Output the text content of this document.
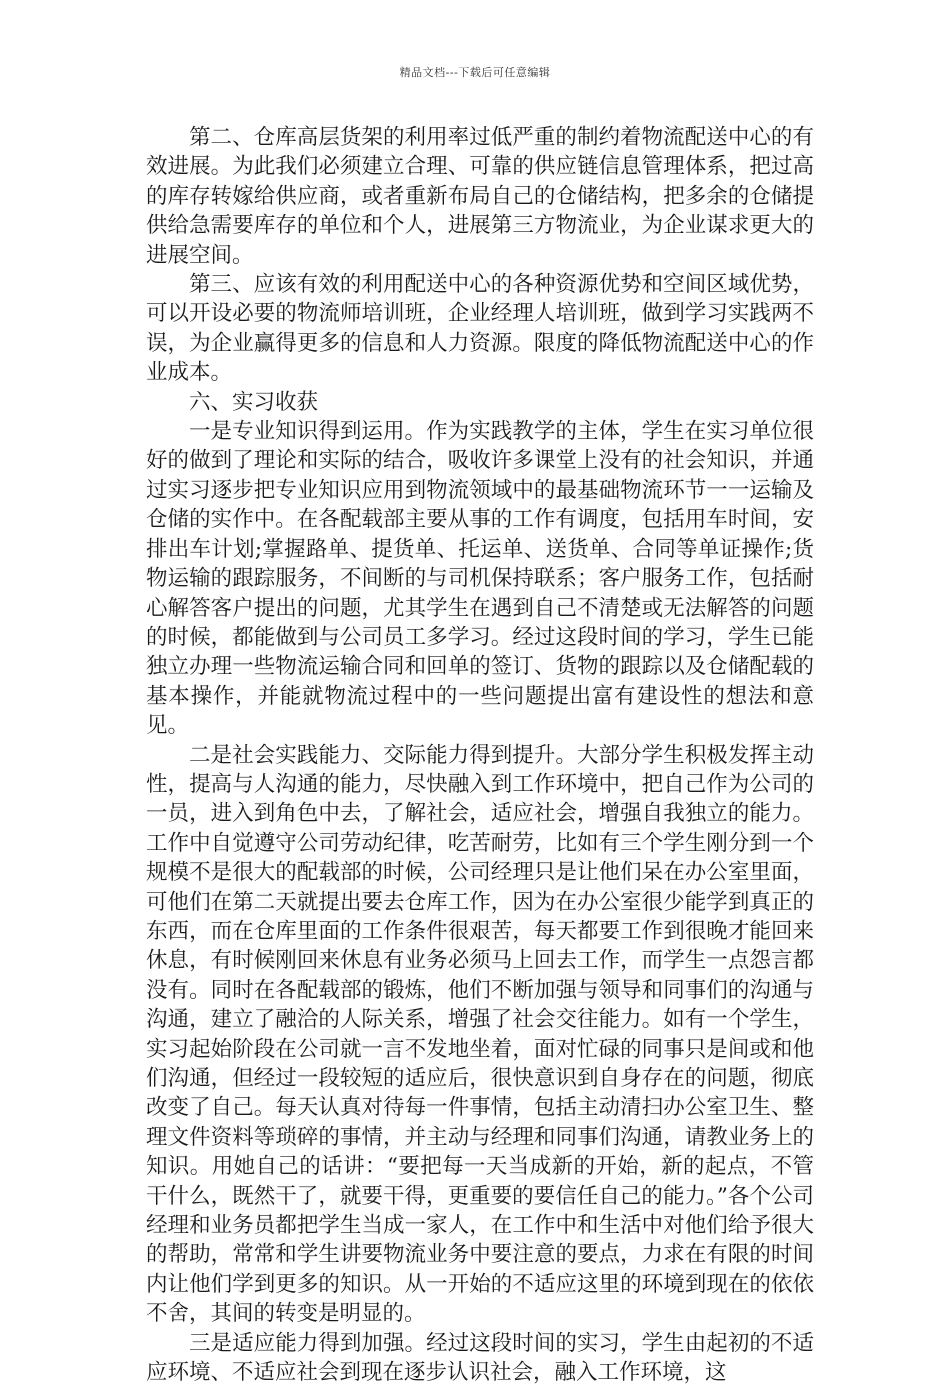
精品文档---下载后可任意编辑

第二、仓库高层货架的利用率过低严重的制约着物流配送中心的有效进展。为此我们必须建立合理、可靠的供应链信息管理体系，把过高的库存转嫁给供应商，或者重新布局自己的仓储结构，把多余的仓储提供给急需要库存的单位和个人，进展第三方物流业，为企业谋求更大的进展空间。

第三、应该有效的利用配送中心的各种资源优势和空间区域优势，可以开设必要的物流师培训班，企业经理人培训班，做到学习实践两不误，为企业赢得更多的信息和人力资源。限度的降低物流配送中心的作业成本。

六、实习收获

一是专业知识得到运用。作为实践教学的主体，学生在实习单位很好的做到了理论和实际的结合，吸收许多课堂上没有的社会知识，并通过实习逐步把专业知识应用到物流领域中的最基础物流环节一一运输及仓储的实作中。在各配载部主要从事的工作有调度，包括用车时间，安排出车计划;掌握路单、提货单、托运单、送货单、合同等单证操作;货物运输的跟踪服务，不间断的与司机保持联系；客户服务工作，包括耐心解答客户提出的问题，尤其学生在遇到自己不清楚或无法解答的问题的时候，都能做到与公司员工多学习。经过这段时间的学习，学生已能独立办理一些物流运输合同和回单的签订、货物的跟踪以及仓储配载的基本操作，并能就物流过程中的一些问题提出富有建设性的想法和意见。

二是社会实践能力、交际能力得到提升。大部分学生积极发挥主动性，提高与人沟通的能力，尽快融入到工作环境中，把自己作为公司的一员，进入到角色中去，了解社会，适应社会，增强自我独立的能力。工作中自觉遵守公司劳动纪律，吃苦耐劳，比如有三个学生刚分到一个规模不是很大的配载部的时候，公司经理只是让他们呆在办公室里面，可他们在第二天就提出要去仓库工作，因为在办公室很少能学到真正的东西，而在仓库里面的工作条件很艰苦，每天都要工作到很晚才能回来休息，有时候刚回来休息有业务必须马上回去工作，而学生一点怨言都没有。同时在各配载部的锻炼，他们不断加强与领导和同事们的沟通与沟通，建立了融洽的人际关系，增强了社会交往能力。如有一个学生，实习起始阶段在公司就一言不发地坐着，面对忙碌的同事只是间或和他们沟通，但经过一段较短的适应后，很快意识到自身存在的问题，彻底改变了自己。每天认真对待每一件事情，包括主动清扫办公室卫生、整理文件资料等琐碎的事情，并主动与经理和同事们沟通，请教业务上的知识。用她自己的话讲：“要把每一天当成新的开始，新的起点，不管干什么，既然干了，就要干得，更重要的要信任自己的能力。”各个公司经理和业务员都把学生当成一家人，在工作中和生活中对他们给予很大的帮助，常常和学生讲要物流业务中要注意的要点，力求在有限的时间内让他们学到更多的知识。从一开始的不适应这里的环境到现在的依依不舍，其间的转变是明显的。

三是适应能力得到加强。经过这段时间的实习，学生由起初的不适应环境、不适应社会到现在逐步认识社会，融入工作环境，这
